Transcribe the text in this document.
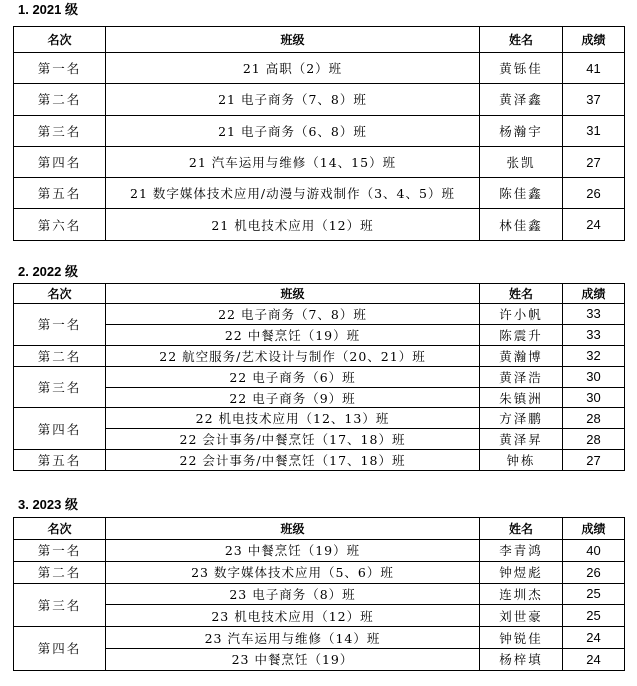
1. 2021 级
名次	班级	姓名	成绩
第一名	21 高职（2）班	黄铄佳	41
第二名	21 电子商务（7、8）班	黄泽鑫	37
第三名	21 电子商务（6、8）班	杨瀚宇	31
第四名	21 汽车运用与维修（14、15）班	张凯	27
第五名	21 数字媒体技术应用/动漫与游戏制作（3、4、5）班	陈佳鑫	26
第六名	21 机电技术应用（12）班	林佳鑫	24
2. 2022 级
名次	班级	姓名	成绩
第一名	22 电子商务（7、8）班	许小帆	33
	22 中餐烹饪（19）班	陈震升	33
第二名	22 航空服务/艺术设计与制作（20、21）班	黄瀚博	32
第三名	22 电子商务（6）班	黄泽浩	30
	22 电子商务（9）班	朱镇洲	30
第四名	22 机电技术应用（12、13）班	方泽鹏	28
	22 会计事务/中餐烹饪（17、18）班	黄泽昇	28
第五名	22 会计事务/中餐烹饪（17、18）班	钟栋	27
3. 2023 级
名次	班级	姓名	成绩
第一名	23 中餐烹饪（19）班	李青鸿	40
第二名	23 数字媒体技术应用（5、6）班	钟煜彪	26
第三名	23 电子商务（8）班	连圳杰	25
	23 机电技术应用（12）班	刘世豪	25
第四名	23 汽车运用与维修（14）班	钟锐佳	24
	23 中餐烹饪（19）	杨梓填	24
